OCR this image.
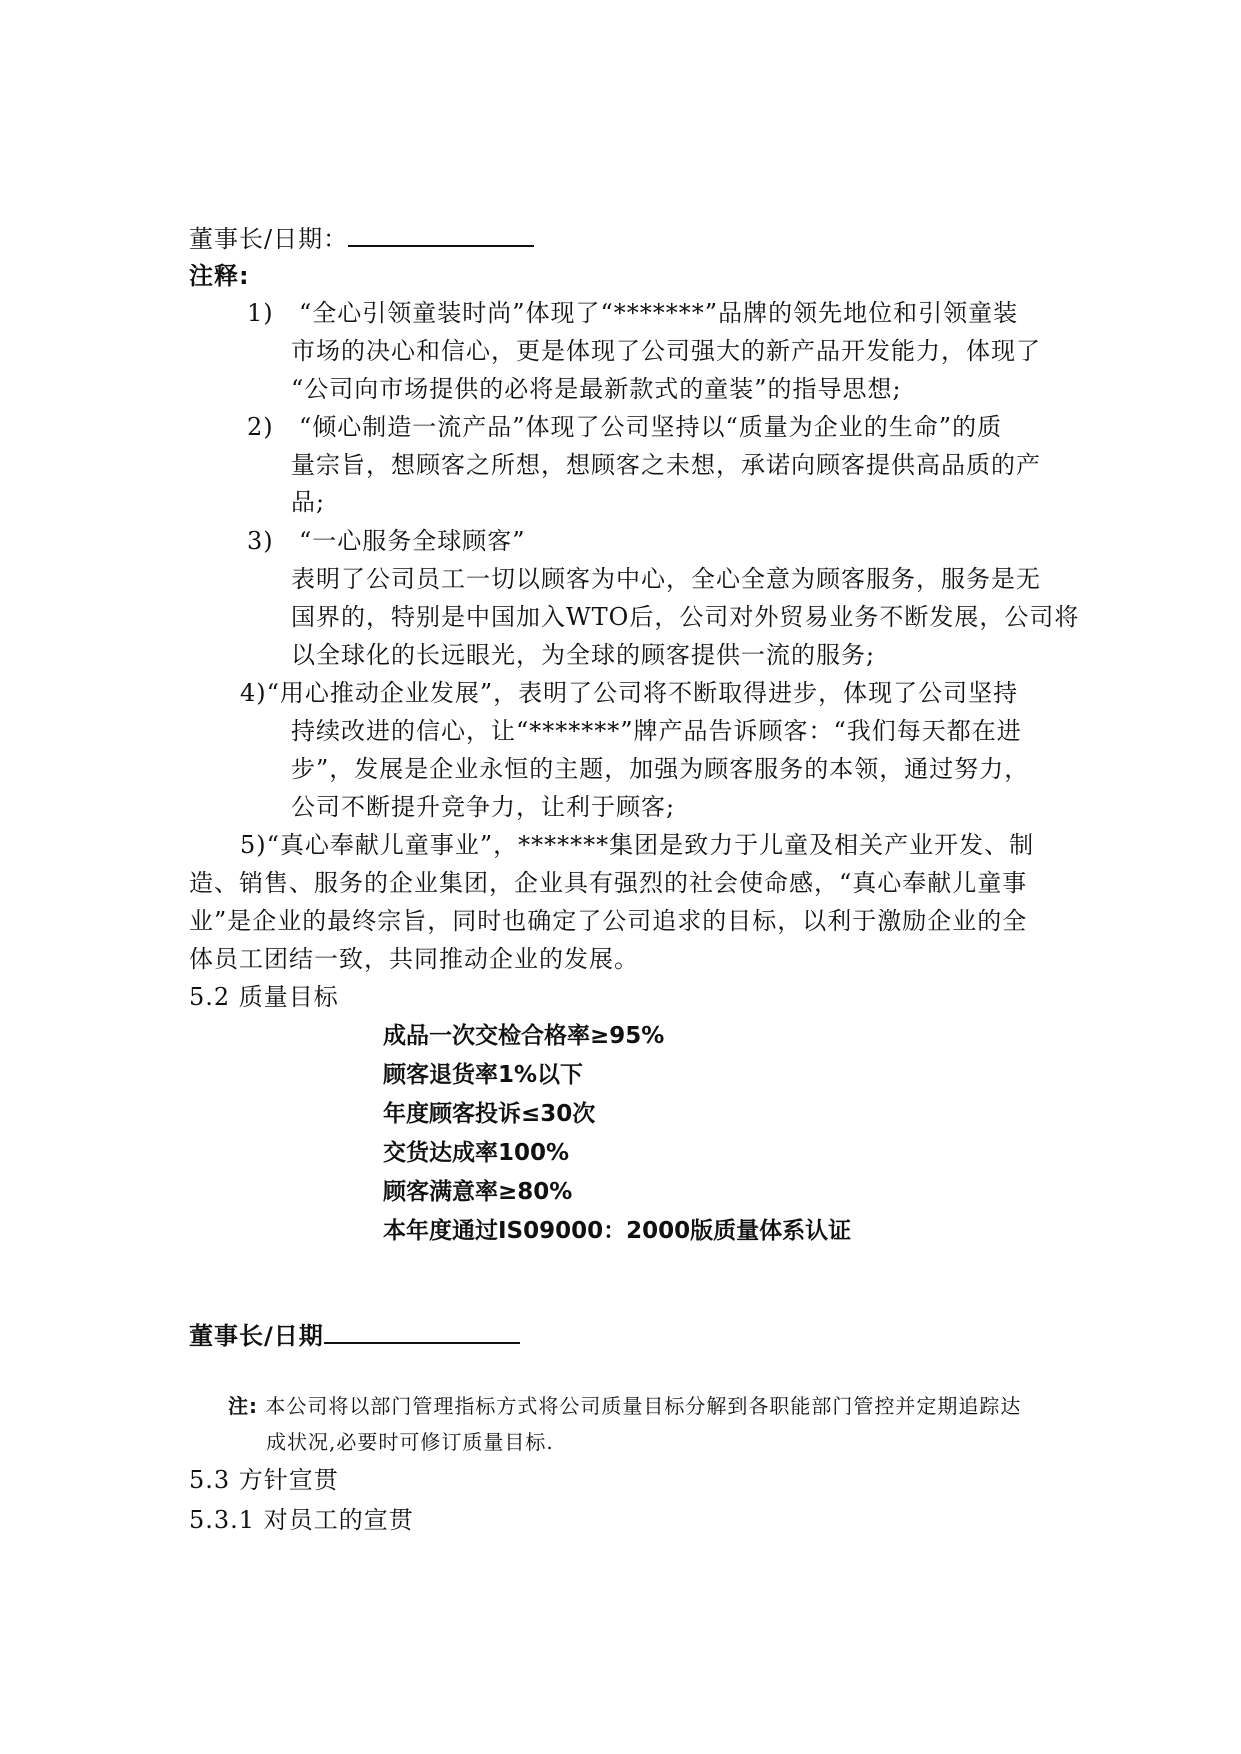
董事长/日期：
注释:
1) “全心引领童装时尚”体现了“*******”品牌的领先地位和引领童装
市场的决心和信心，更是体现了公司强大的新产品开发能力，体现了
“公司向市场提供的必将是最新款式的童装”的指导思想;
2) “倾心制造一流产品”体现了公司坚持以“质量为企业的生命”的质
量宗旨，想顾客之所想，想顾客之未想，承诺向顾客提供高品质的产
品;
3) “一心服务全球顾客”
表明了公司员工一切以顾客为中心，全心全意为顾客服务，服务是无
国界的，特别是中国加入WTO后，公司对外贸易业务不断发展，公司将
以全球化的长远眼光，为全球的顾客提供一流的服务;
4)“用心推动企业发展”，表明了公司将不断取得进步，体现了公司坚持
持续改进的信心，让“*******”牌产品告诉顾客：“我们每天都在进
步”，发展是企业永恒的主题，加强为顾客服务的本领，通过努力，
公司不断提升竞争力，让利于顾客;
5)“真心奉献儿童事业”，*******集团是致力于儿童及相关产业开发、制
造、销售、服务的企业集团，企业具有强烈的社会使命感，“真心奉献儿童事
业”是企业的最终宗旨，同时也确定了公司追求的目标，以利于激励企业的全
体员工团结一致，共同推动企业的发展。
5.2 质量目标
成品一次交检合格率≥95%
顾客退货率1%以下
年度顾客投诉≤30次
交货达成率100%
顾客满意率≥80%
本年度通过IS09000：2000版质量体系认证
董事长/日期
注: 本公司将以部门管理指标方式将公司质量目标分解到各职能部门管控并定期追踪达
成状况,必要时可修订质量目标.
5.3 方针宣贯
5.3.1 对员工的宣贯
